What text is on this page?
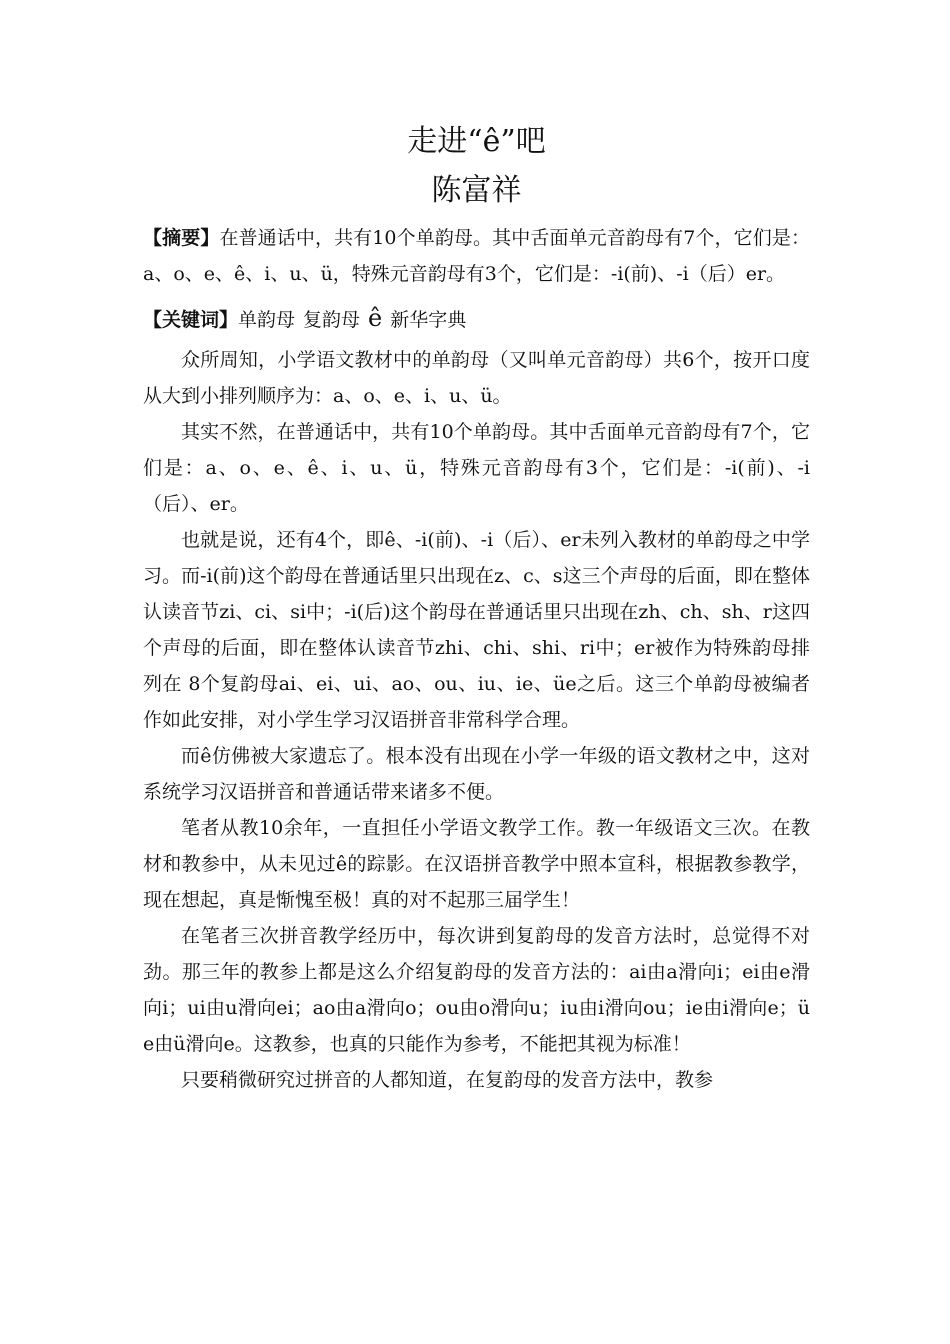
走进“ê”吧
陈富祥

【摘要】在普通话中，共有10个单韵母。其中舌面单元音韵母有7个，它们是：a、o、e、ê、i、u、ü，特殊元音韵母有3个，它们是：-i(前)、-i（后）er。

【关键词】单韵母 复韵母 ê 新华字典

众所周知，小学语文教材中的单韵母（又叫单元音韵母）共6个，按开口度从大到小排列顺序为：a、o、e、i、u、ü。

其实不然，在普通话中，共有10个单韵母。其中舌面单元音韵母有7个，它们是：a、o、e、ê、i、u、ü，特殊元音韵母有3个，它们是：-i(前)、-i（后）、er。

也就是说，还有4个，即ê、-i(前)、-i（后）、er未列入教材的单韵母之中学习。而-i(前)这个韵母在普通话里只出现在z、c、s这三个声母的后面，即在整体认读音节zi、ci、si中；-i(后)这个韵母在普通话里只出现在zh、ch、sh、r这四个声母的后面，即在整体认读音节zhi、chi、shi、ri中；er被作为特殊韵母排列在 8个复韵母ai、ei、ui、ao、ou、iu、ie、üe之后。这三个单韵母被编者作如此安排，对小学生学习汉语拼音非常科学合理。

而ê仿佛被大家遗忘了。根本没有出现在小学一年级的语文教材之中，这对系统学习汉语拼音和普通话带来诸多不便。

笔者从教10余年，一直担任小学语文教学工作。教一年级语文三次。在教材和教参中，从未见过ê的踪影。在汉语拼音教学中照本宣科，根据教参教学，现在想起，真是惭愧至极！真的对不起那三届学生！

在笔者三次拼音教学经历中，每次讲到复韵母的发音方法时，总觉得不对劲。那三年的教参上都是这么介绍复韵母的发音方法的：ai由a滑向i；ei由e滑向i；ui由u滑向ei；ao由a滑向o；ou由o滑向u；iu由i滑向ou；ie由i滑向e；üe由ü滑向e。这教参，也真的只能作为参考，不能把其视为标准！

只要稍微研究过拼音的人都知道，在复韵母的发音方法中，教参
